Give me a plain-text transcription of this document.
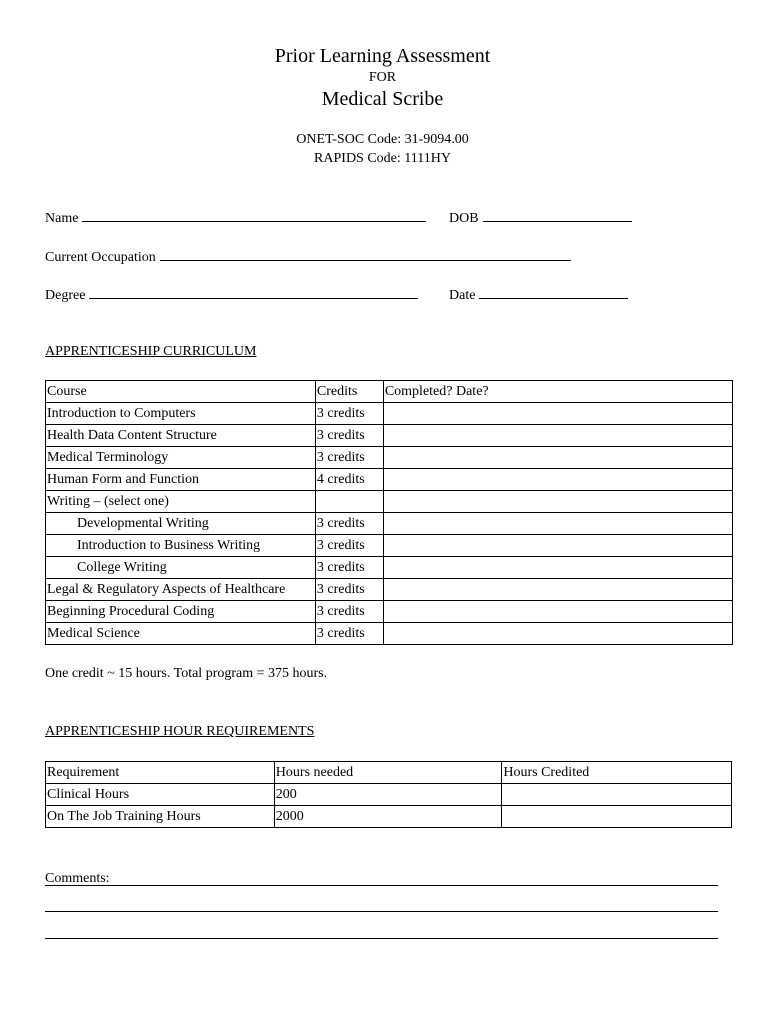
Prior Learning Assessment
FOR
Medical Scribe
ONET-SOC Code: 31-9094.00
RAPIDS Code: 1111HY
Name	DOB
Current Occupation
Degree	Date
APPRENTICESHIP CURRICULUM
Course	Credits	Completed? Date?
Introduction to Computers	3 credits	
Health Data Content Structure	3 credits	
Medical Terminology	3 credits	
Human Form and Function	4 credits	
Writing – (select one)		
Developmental Writing	3 credits	
Introduction to Business Writing	3 credits	
College Writing	3 credits	
Legal & Regulatory Aspects of Healthcare	3 credits	
Beginning Procedural Coding	3 credits	
Medical Science	3 credits	
One credit ~ 15 hours. Total program = 375 hours.
APPRENTICESHIP HOUR REQUIREMENTS
Requirement	Hours needed	Hours Credited
Clinical Hours	200	
On The Job Training Hours	2000	
Comments:
